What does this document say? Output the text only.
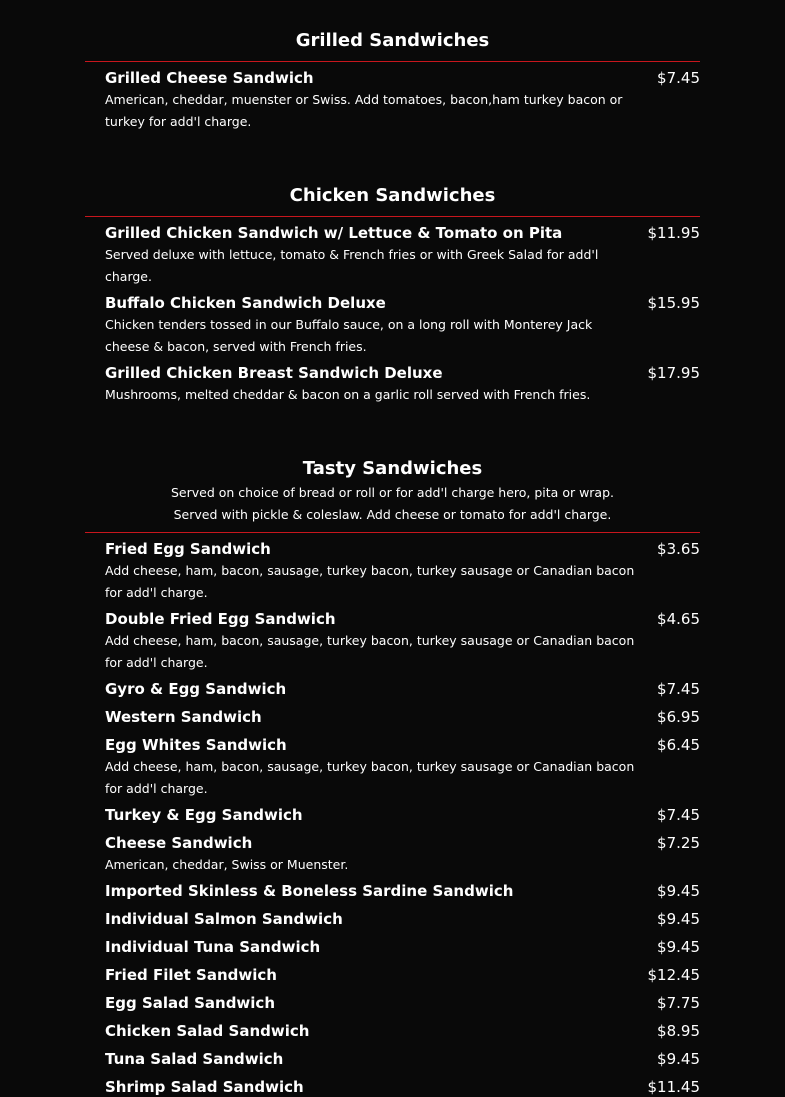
Grilled Sandwiches
Grilled Cheese Sandwich	$7.45
American, cheddar, muenster or Swiss. Add tomatoes, bacon,ham turkey bacon or turkey for add'l charge.
Chicken Sandwiches
Grilled Chicken Sandwich w/ Lettuce & Tomato on Pita	$11.95
Served deluxe with lettuce, tomato & French fries or with Greek Salad for add'l charge.
Buffalo Chicken Sandwich Deluxe	$15.95
Chicken tenders tossed in our Buffalo sauce, on a long roll with Monterey Jack cheese & bacon, served with French fries.
Grilled Chicken Breast Sandwich Deluxe	$17.95
Mushrooms, melted cheddar & bacon on a garlic roll served with French fries.
Tasty Sandwiches
Served on choice of bread or roll or for add'l charge hero, pita or wrap. Served with pickle & coleslaw. Add cheese or tomato for add'l charge.
Fried Egg Sandwich	$3.65
Add cheese, ham, bacon, sausage, turkey bacon, turkey sausage or Canadian bacon for add'l charge.
Double Fried Egg Sandwich	$4.65
Add cheese, ham, bacon, sausage, turkey bacon, turkey sausage or Canadian bacon for add'l charge.
Gyro & Egg Sandwich	$7.45
Western Sandwich	$6.95
Egg Whites Sandwich	$6.45
Add cheese, ham, bacon, sausage, turkey bacon, turkey sausage or Canadian bacon for add'l charge.
Turkey & Egg Sandwich	$7.45
Cheese Sandwich	$7.25
American, cheddar, Swiss or Muenster.
Imported Skinless & Boneless Sardine Sandwich	$9.45
Individual Salmon Sandwich	$9.45
Individual Tuna Sandwich	$9.45
Fried Filet Sandwich	$12.45
Egg Salad Sandwich	$7.75
Chicken Salad Sandwich	$8.95
Tuna Salad Sandwich	$9.45
Shrimp Salad Sandwich	$11.45
